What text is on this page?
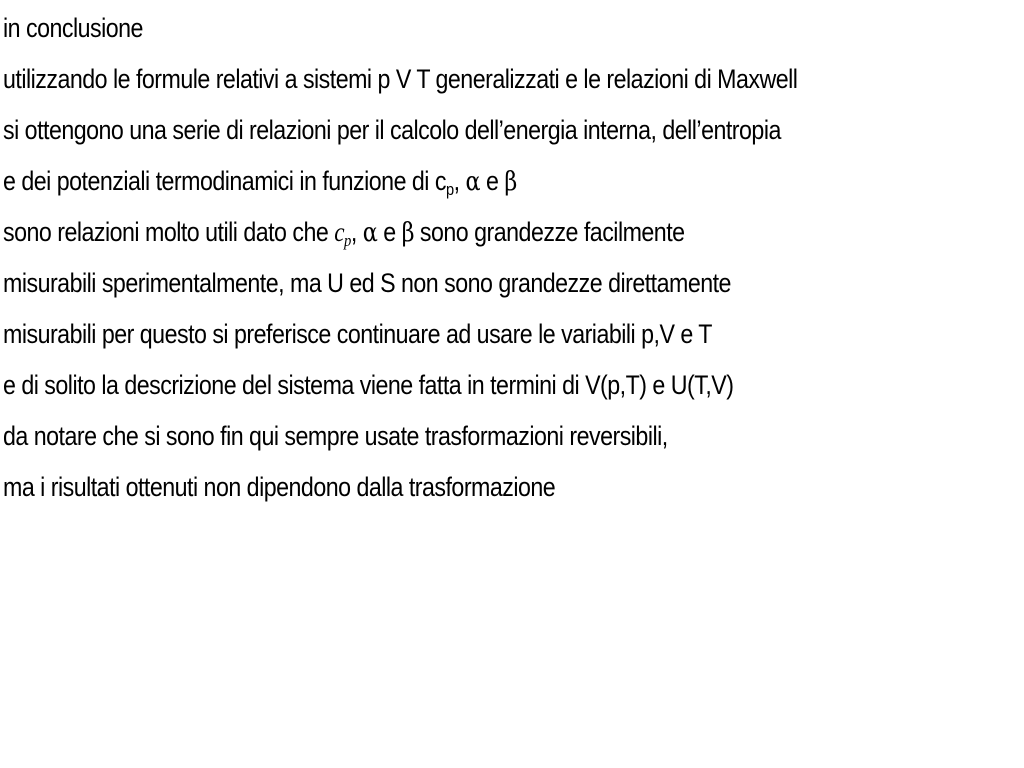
in conclusione
utilizzando le formule relativi a sistemi p V T generalizzati e le relazioni di Maxwell
si ottengono una serie di relazioni per il calcolo dell’energia interna, dell’entropia
e dei potenziali termodinamici in funzione di cp, α e β
sono relazioni molto utili dato che cp, α e β sono grandezze facilmente
misurabili sperimentalmente, ma U ed S non sono grandezze direttamente
misurabili per questo si preferisce continuare ad usare le variabili p,V e T
e di solito la descrizione del sistema viene fatta in termini di V(p,T) e U(T,V)
da notare che si sono fin qui sempre usate trasformazioni reversibili,
ma i risultati ottenuti non dipendono dalla trasformazione
